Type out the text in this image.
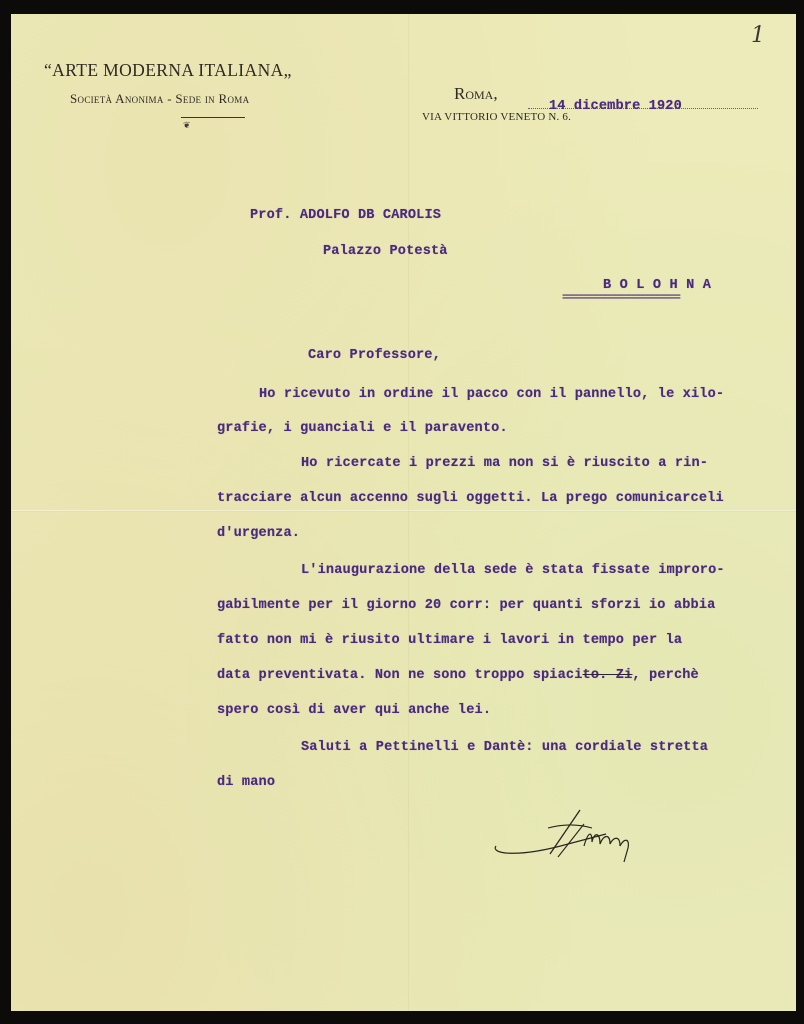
1
“ARTE MODERNA ITALIANA„
Società Anonima - Sede in Roma
❦
Roma,
VIA VITTORIO VENETO N. 6.
14 dicembre 1920
Prof. ADOLFO DB CAROLIS
Palazzo Potestà
B O L O H N A
=========================
Caro Professore,
Ho ricevuto in ordine il pacco con il pannello, le xilo-
grafie, i guanciali e il paravento.
Ho ricercate i prezzi ma non si è riuscito a rin-
tracciare alcun accenno sugli oggetti. La prego comunicarceli
d'urgenza.
L'inaugurazione della sede è stata fissate improro-
gabilmente per il giorno 20 corr: per quanti sforzi io abbia
fatto non mi è riusito ultimare i lavori in tempo per la
data preventivata. Non ne sono troppo spiacito. Zi, perchè
spero così di aver qui anche lei.
Saluti a Pettinelli e Dantè: una cordiale stretta
di mano
